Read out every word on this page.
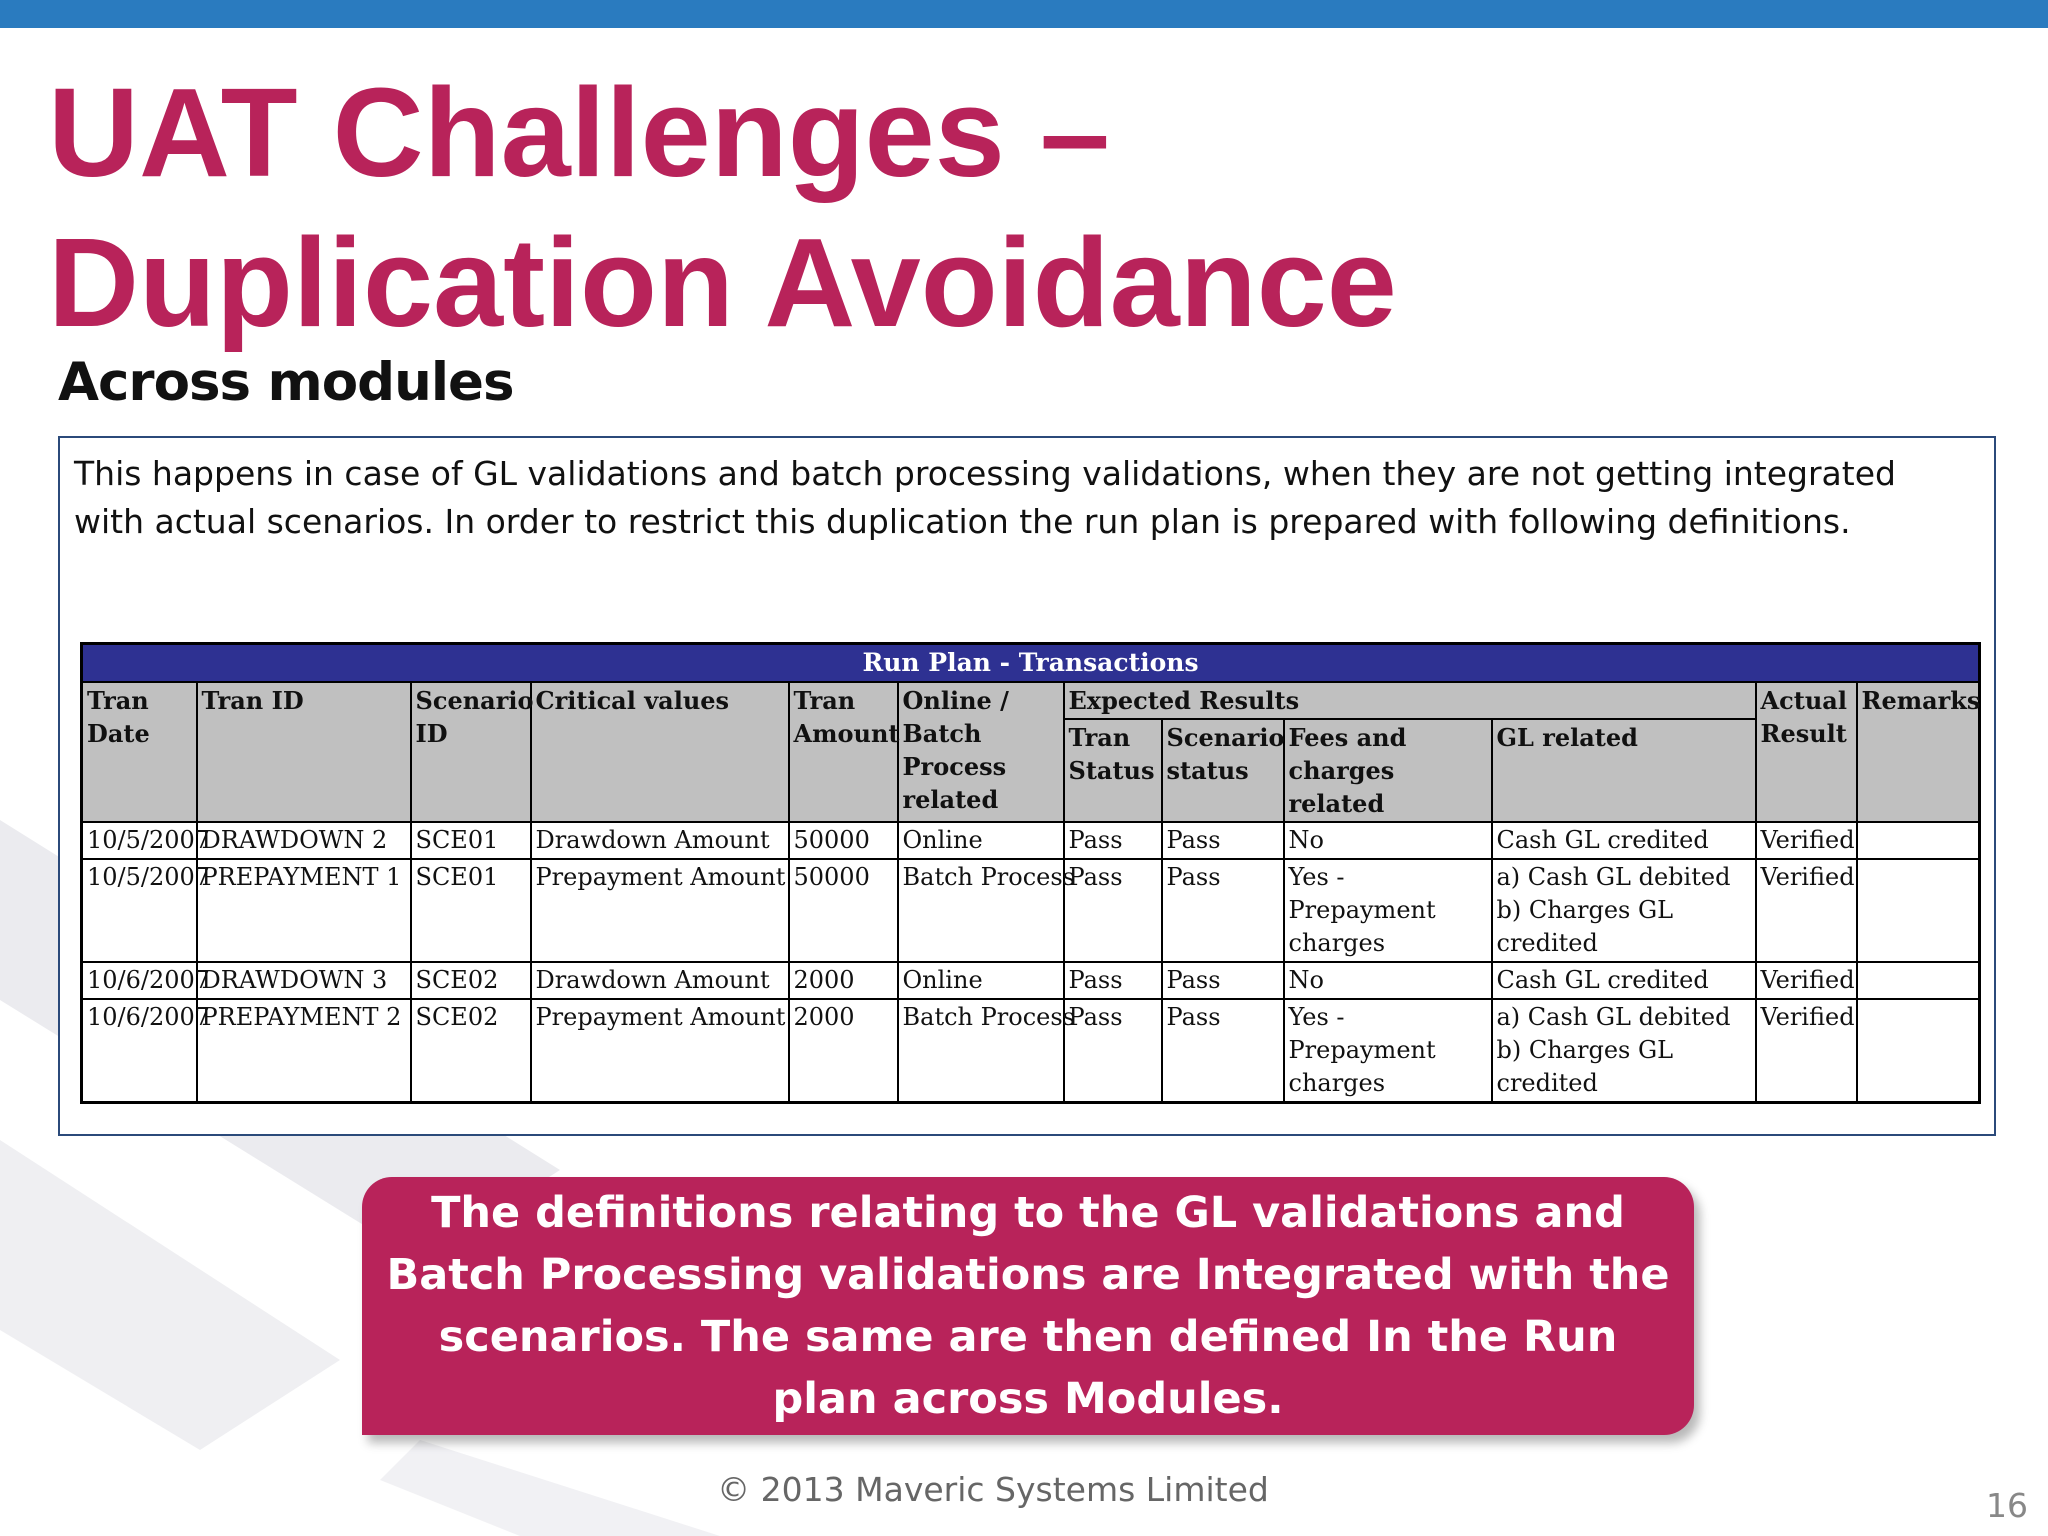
UAT Challenges – Duplication Avoidance
Across modules

This happens in case of GL validations and batch processing validations, when they are not getting integrated with actual scenarios. In order to restrict this duplication the run plan is prepared with following definitions.

Run Plan - Transactions											
Tran Date	Tran ID	Scenario ID	Critical values	Tran Amount	Online / Batch Process related	Expected Results				Actual Result	Remarks
						Tran Status	Scenario status	Fees and charges related	GL related		
10/5/2007	DRAWDOWN 2	SCE01	Drawdown Amount	50000	Online	Pass	Pass	No	Cash GL credited	Verified	
10/5/2007	PREPAYMENT 1	SCE01	Prepayment Amount	50000	Batch Process	Pass	Pass	Yes - Prepayment charges	a) Cash GL debited b) Charges GL credited	Verified	
10/6/2007	DRAWDOWN 3	SCE02	Drawdown Amount	2000	Online	Pass	Pass	No	Cash GL credited	Verified	
10/6/2007	PREPAYMENT 2	SCE02	Prepayment Amount	2000	Batch Process	Pass	Pass	Yes - Prepayment charges	a) Cash GL debited b) Charges GL credited	Verified	

The definitions relating to the GL validations and Batch Processing validations are Integrated with the scenarios. The same are then defined In the Run plan across Modules.

© 2013 Maveric Systems Limited	16
